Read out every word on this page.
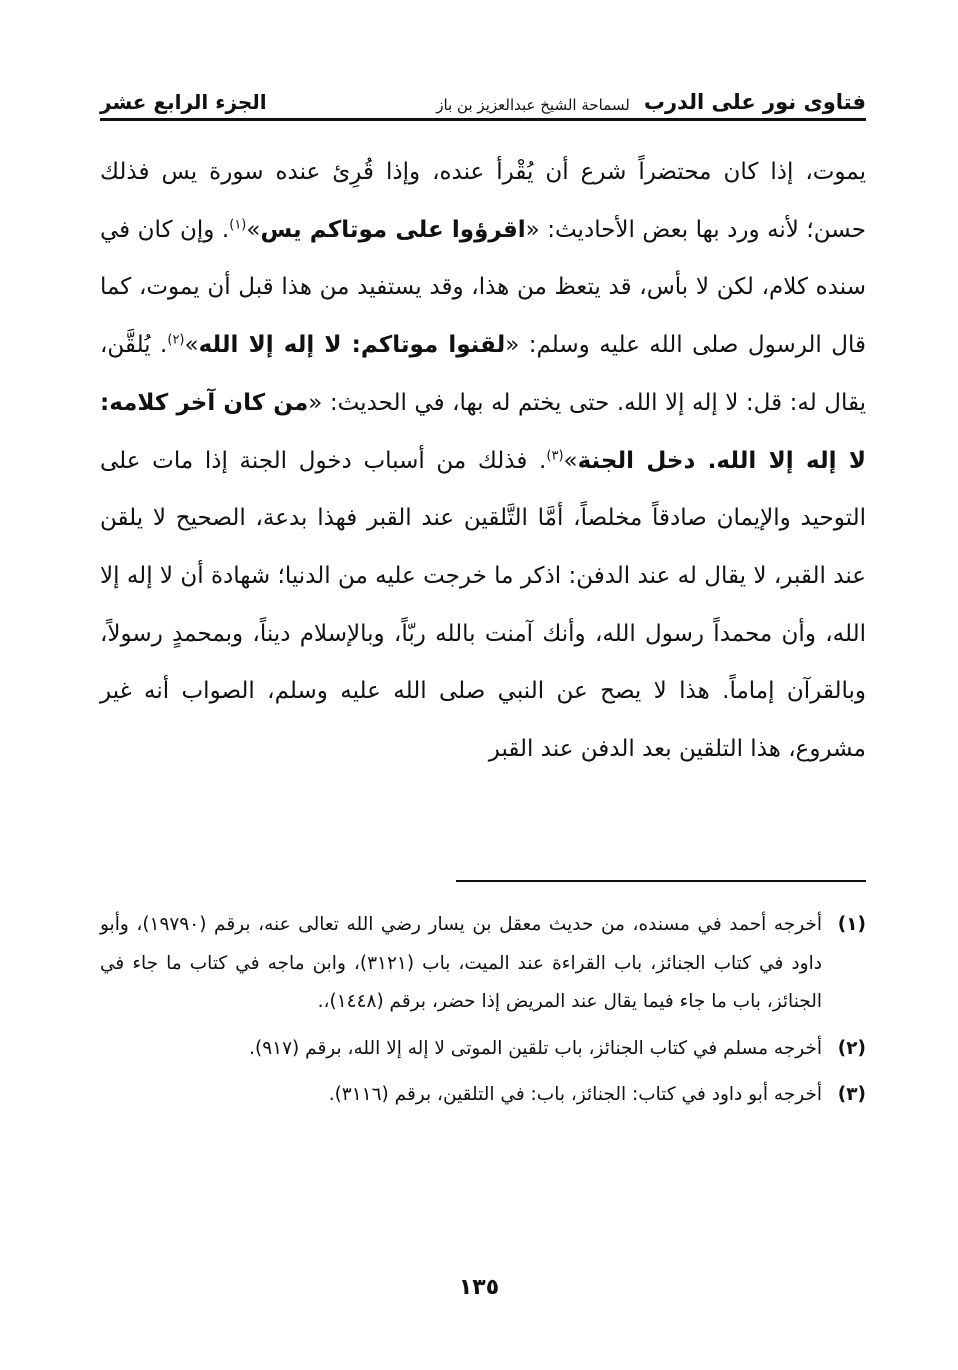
فتاوى نور على الدرب
لسماحة الشيخ عبدالعزيز بن باز
الجزء الرابع عشر

يموت، إذا كان محتضراً شرع أن يُقْرأ عنده، وإذا قُرِئ عنده سورة يس فذلك حسن؛ لأنه ورد بها بعض الأحاديث: «اقرؤوا على موتاكم يس»$^{(١)}$. وإن كان في سنده كلام، لكن لا بأس، قد يتعظ من هذا، وقد يستفيد من هذا قبل أن يموت، كما قال الرسول صلى الله عليه وسلم: «لقنوا موتاكم: لا إله إلا الله»$^{(٢)}$. يُلقَّن، يقال له: قل: لا إله إلا الله. حتى يختم له بها، في الحديث: «من كان آخر كلامه: لا إله إلا الله. دخل الجنة»$^{(٣)}$. فذلك من أسباب دخول الجنة إذا مات على التوحيد والإيمان صادقاً مخلصاً، أمَّا التَّلقين عند القبر فهذا بدعة، الصحيح لا يلقن عند القبر، لا يقال له عند الدفن: اذكر ما خرجت عليه من الدنيا؛ شهادة أن لا إله إلا الله، وأن محمداً رسول الله، وأنك آمنت بالله ربّاً، وبالإسلام ديناً، وبمحمدٍ رسولاً، وبالقرآن إماماً. هذا لا يصح عن النبي صلى الله عليه وسلم، الصواب أنه غير مشروع، هذا التلقين بعد الدفن عند القبر

(١)
أخرجه أحمد في مسنده، من حديث معقل بن يسار رضي الله تعالى عنه، برقم (١٩٧٩٠)، وأبو داود في كتاب الجنائز، باب القراءة عند الميت، باب (٣١٢١)، وابن ماجه في كتاب ما جاء في الجنائز، باب ما جاء فيما يقال عند المريض إذا حضر، برقم (١٤٤٨)،.
(٢)
أخرجه مسلم في كتاب الجنائز، باب تلقين الموتى لا إله إلا الله، برقم (٩١٧).
(٣)
أخرجه أبو داود في كتاب: الجنائز، باب: في التلقين، برقم (٣١١٦).
١٣٥
